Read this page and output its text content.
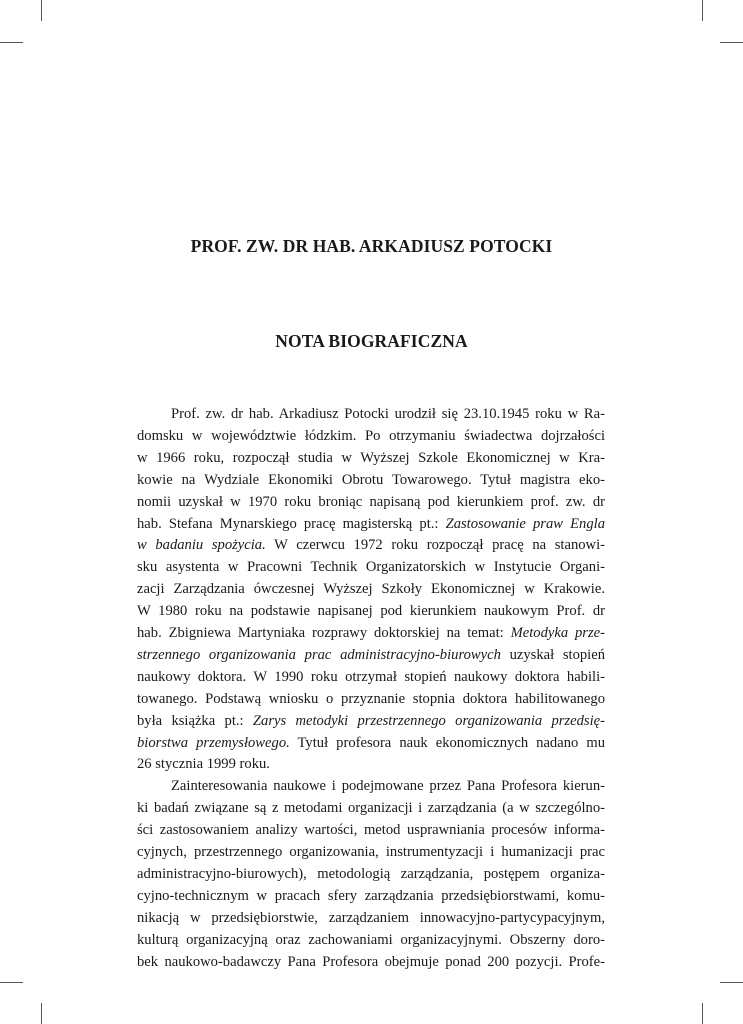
PROF. ZW. DR HAB. ARKADIUSZ POTOCKI
NOTA BIOGRAFICZNA
Prof. zw. dr hab. Arkadiusz Potocki urodził się 23.10.1945 roku w Ra-
domsku w województwie łódzkim. Po otrzymaniu świadectwa dojrzałości
w 1966 roku, rozpoczął studia w Wyższej Szkole Ekonomicznej w Kra-
kowie na Wydziale Ekonomiki Obrotu Towarowego. Tytuł magistra eko-
nomii uzyskał w 1970 roku broniąc napisaną pod kierunkiem prof. zw. dr
hab. Stefana Mynarskiego pracę magisterską pt.: Zastosowanie praw Engla
w badaniu spożycia. W czerwcu 1972 roku rozpoczął pracę na stanowi-
sku asystenta w Pracowni Technik Organizatorskich w Instytucie Organi-
zacji Zarządzania ówczesnej Wyższej Szkoły Ekonomicznej w Krakowie.
W 1980 roku na podstawie napisanej pod kierunkiem naukowym Prof. dr
hab. Zbigniewa Martyniaka rozprawy doktorskiej na temat: Metodyka prze-
strzennego organizowania prac administracyjno-biurowych uzyskał stopień
naukowy doktora. W 1990 roku otrzymał stopień naukowy doktora habili-
towanego. Podstawą wniosku o przyznanie stopnia doktora habilitowanego
była książka pt.: Zarys metodyki przestrzennego organizowania przedsię-
biorstwa przemysłowego. Tytuł profesora nauk ekonomicznych nadano mu
26 stycznia 1999 roku.
Zainteresowania naukowe i podejmowane przez Pana Profesora kierun-
ki badań związane są z metodami organizacji i zarządzania (a w szczególno-
ści zastosowaniem analizy wartości, metod usprawniania procesów informa-
cyjnych, przestrzennego organizowania, instrumentyzacji i humanizacji prac
administracyjno-biurowych), metodologią zarządzania, postępem organiza-
cyjno-technicznym w pracach sfery zarządzania przedsiębiorstwami, komu-
nikacją w przedsiębiorstwie, zarządzaniem innowacyjno-partycypacyjnym,
kulturą organizacyjną oraz zachowaniami organizacyjnymi. Obszerny doro-
bek naukowo-badawczy Pana Profesora obejmuje ponad 200 pozycji. Profe-
